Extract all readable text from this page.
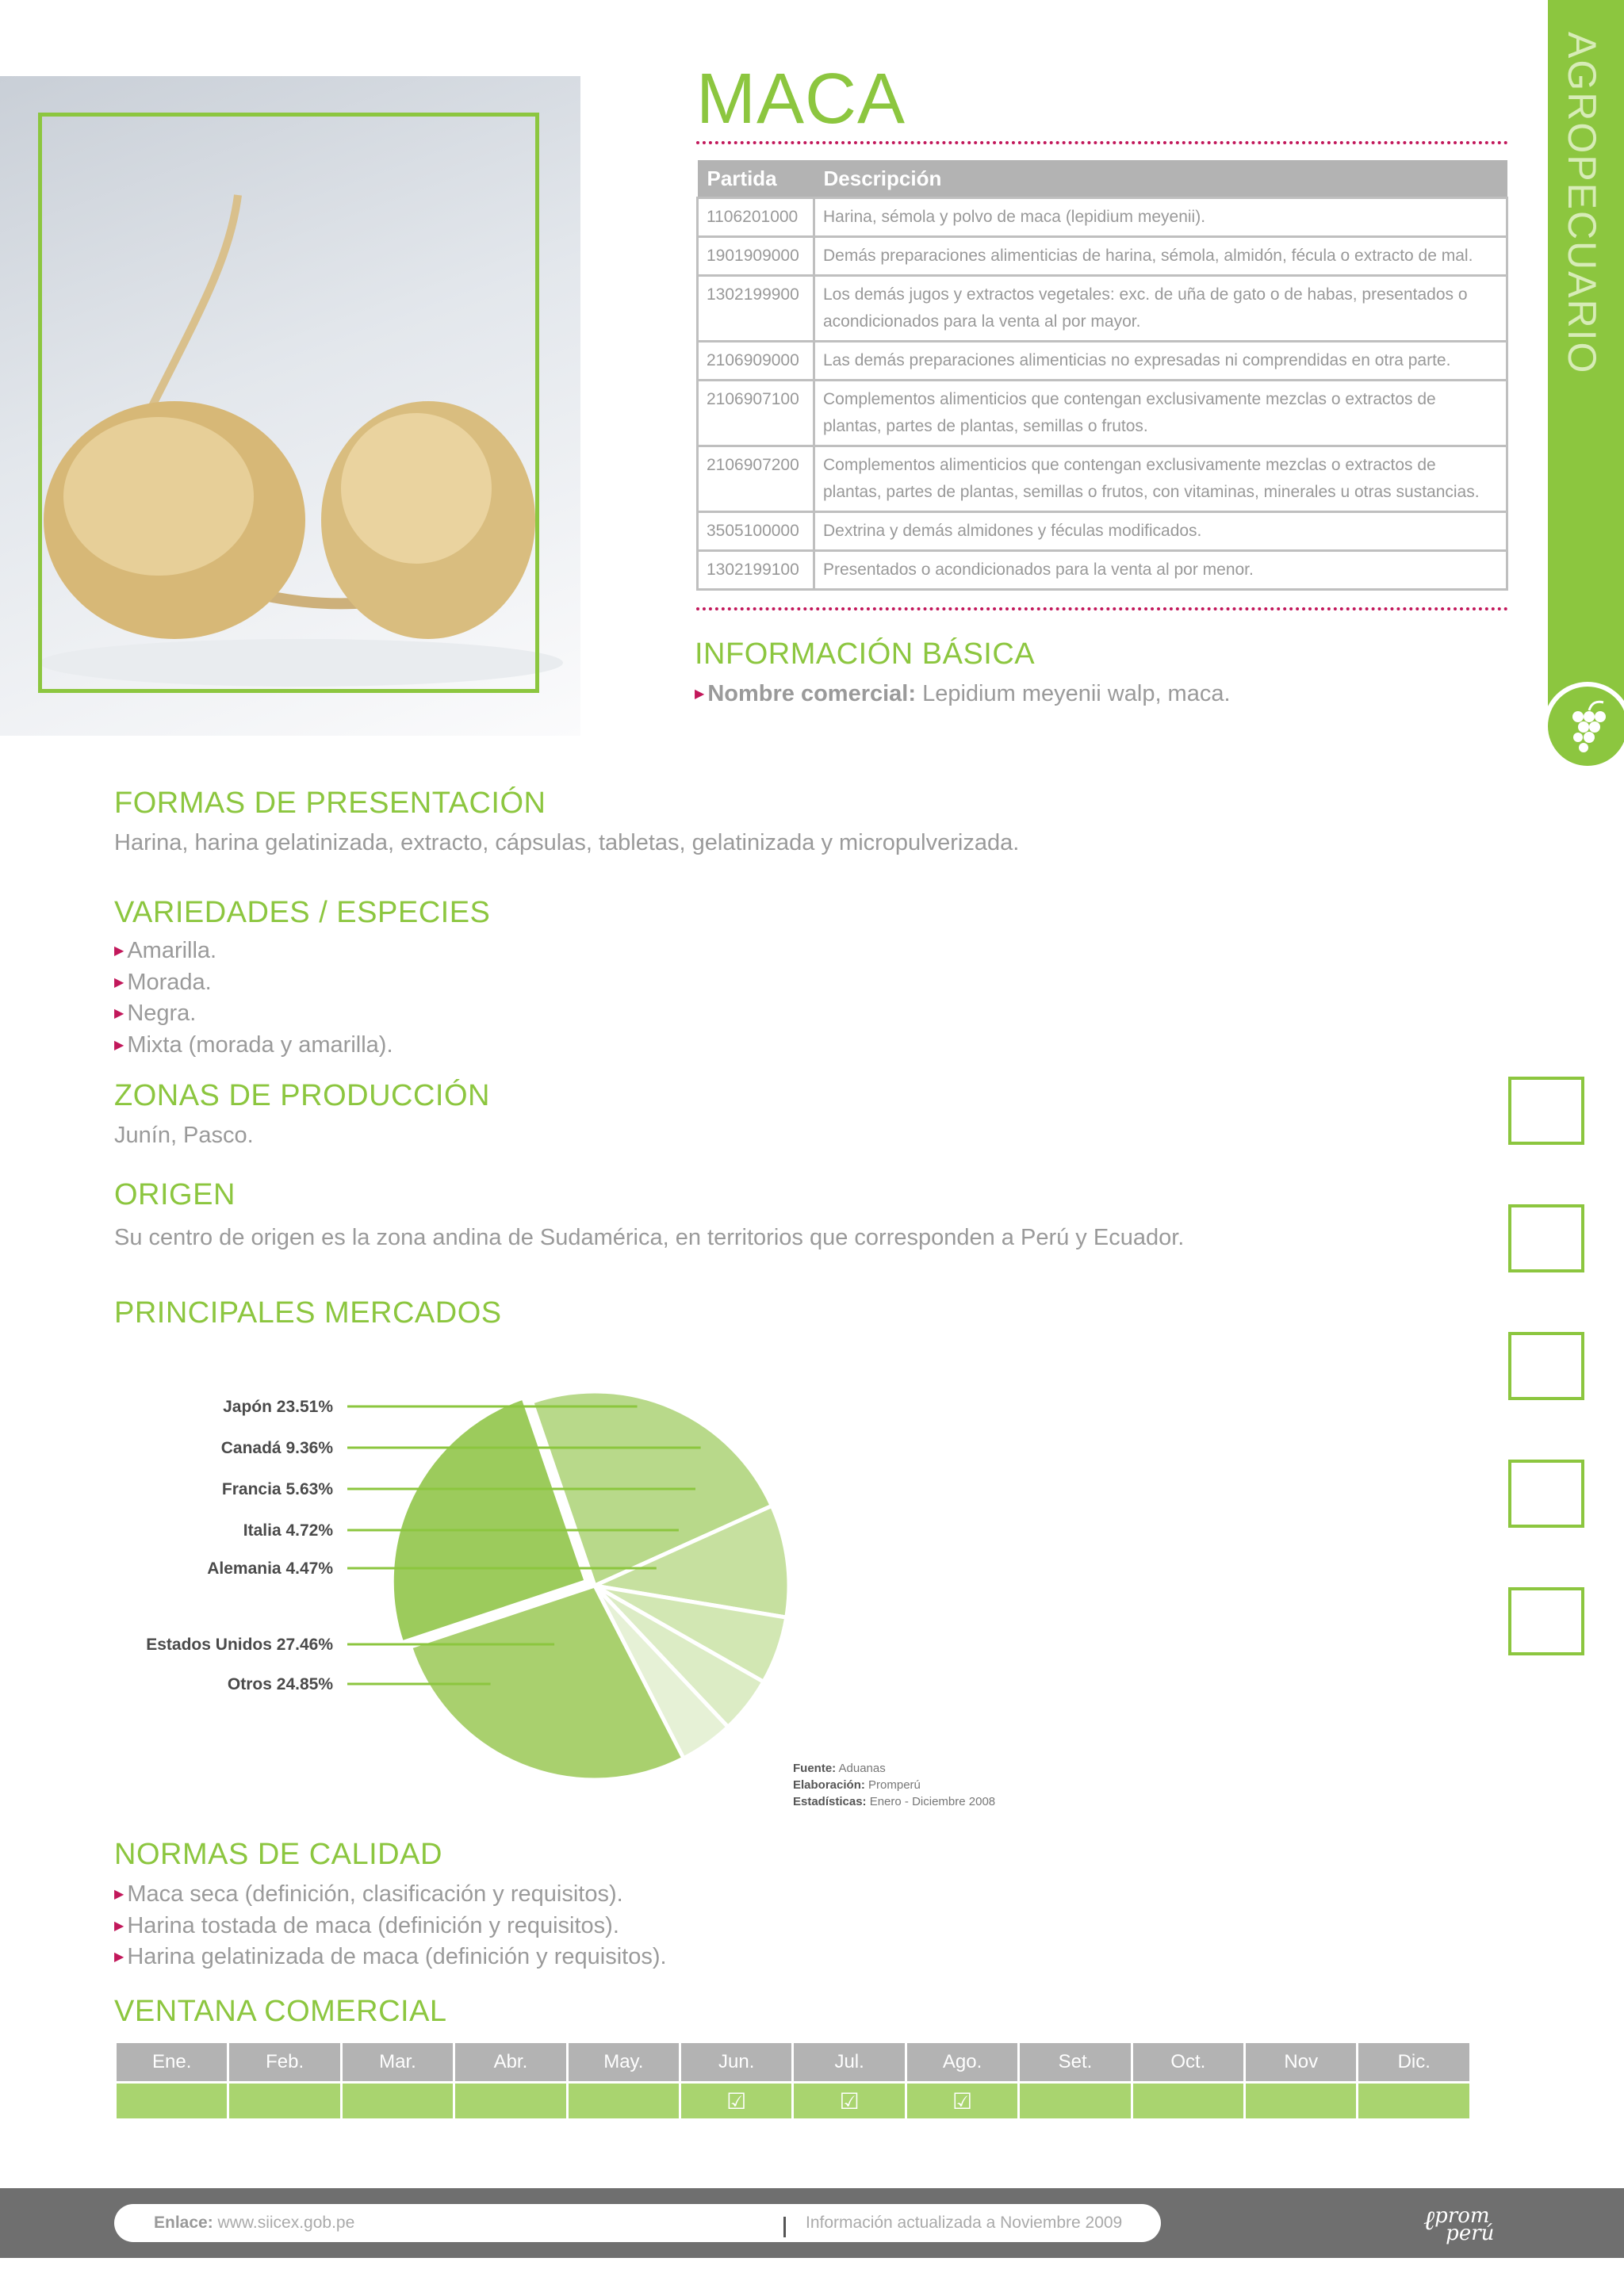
MACA
Partida	Descripción
1106201000	Harina, sémola y polvo de maca (lepidium meyenii).
1901909000	Demás preparaciones alimenticias de harina, sémola, almidón, fécula o extracto de mal.
1302199900	Los demás jugos y extractos vegetales: exc. de uña de gato o de habas, presentados o acondicionados para la venta al por mayor.
2106909000	Las demás preparaciones alimenticias no expresadas ni comprendidas en otra parte.
2106907100	Complementos alimenticios que contengan exclusivamente mezclas o extractos de plantas, partes de plantas, semillas o frutos.
2106907200	Complementos alimenticios que contengan exclusivamente mezclas o extractos de plantas, partes de plantas, semillas o frutos, con vitaminas, minerales u otras sustancias.
3505100000	Dextrina y demás almidones y féculas modificados.
1302199100	Presentados o acondicionados para la venta al por menor.
AGROPECUARIO
INFORMACIÓN BÁSICA
▶ Nombre comercial: Lepidium meyenii walp, maca.
FORMAS DE PRESENTACIÓN
Harina, harina gelatinizada, extracto, cápsulas, tabletas, gelatinizada y micropulverizada.
VARIEDADES / ESPECIES
▶ Amarilla.
▶ Morada.
▶ Negra.
▶ Mixta (morada y amarilla).
ZONAS DE PRODUCCIÓN
Junín, Pasco.
ORIGEN
Su centro de origen es la zona andina de Sudamérica, en territorios que corresponden a Perú y Ecuador.
PRINCIPALES MERCADOS
Japón 23.51%
Canadá 9.36%
Francia 5.63%
Italia 4.72%
Alemania 4.47%
Estados Unidos 27.46%
Otros 24.85%
Fuente: Aduanas
Elaboración: Promperú
Estadísticas: Enero - Diciembre 2008
NORMAS DE CALIDAD
▶ Maca seca (definición, clasificación y requisitos).
▶ Harina tostada de maca (definición y requisitos).
▶ Harina gelatinizada de maca (definición y requisitos).
VENTANA COMERCIAL
Ene.	Feb.	Mar.	Abr.	May.	Jun.	Jul.	Ago.	Set.	Oct.	Nov	Dic.
					☑	☑	☑				
Enlace: www.siicex.gob.pe	Información actualizada a Noviembre 2009	ℓprom
perú
